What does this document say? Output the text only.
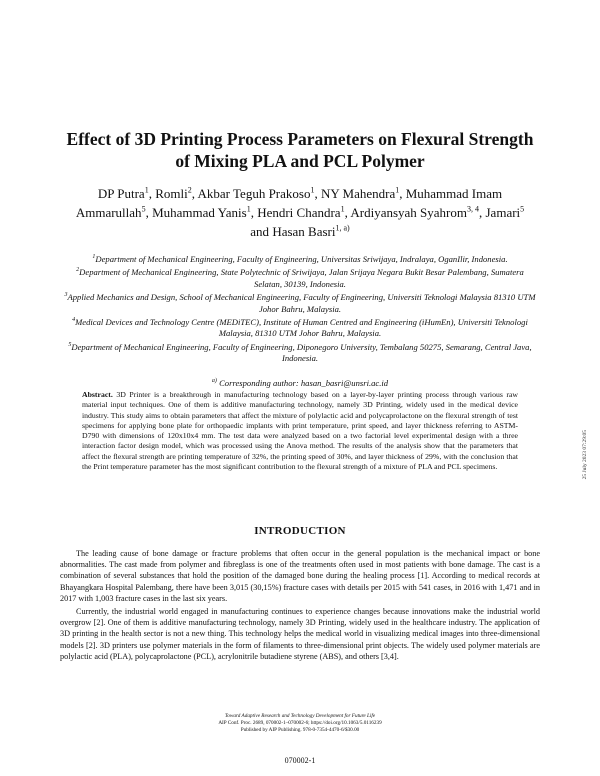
Effect of 3D Printing Process Parameters on Flexural Strength of Mixing PLA and PCL Polymer
DP Putra$^1$, Romli$^2$, Akbar Teguh Prakoso$^1$, NY Mahendra$^1$, Muhammad Imam Ammarullah$^5$, Muhammad Yanis$^1$, Hendri Chandra$^1$, Ardiyansyah Syahrom$^{3, 4}$, Jamari$^5$ and Hasan Basri$^{1, a)}$

$^1$Department of Mechanical Engineering, Faculty of Engineering, Universitas Sriwijaya, Indralaya, OganIlir, Indonesia.

$^2$Department of Mechanical Engineering, State Polytechnic of Sriwijaya, Jalan Srijaya Negara Bukit Besar Palembang, Sumatera Selatan, 30139, Indonesia.

$^3$Applied Mechanics and Design, School of Mechanical Engineering, Faculty of Engineering, Universiti Teknologi Malaysia 81310 UTM Johor Bahru, Malaysia.

$^4$Medical Devices and Technology Centre (MEDiTEC), Institute of Human Centred and Engineering (iHumEn), Universiti Teknologi Malaysia, 81310 UTM Johor Bahru, Malaysia.

$^5$Department of Mechanical Engineering, Faculty of Engineering, Diponegoro University, Tembalang 50275, Semarang, Central Java, Indonesia.

$^{a)}$ Corresponding author: hasan_basri@unsri.ac.id

Abstract. 3D Printer is a breakthrough in manufacturing technology based on a layer-by-layer printing process through various raw material input techniques. One of them is additive manufacturing technology, namely 3D Printing, widely used in the medical device industry. This study aims to obtain parameters that affect the mixture of polylactic acid and polycaprolactone on the flexural strength of test specimens for applying bone plate for orthopaedic implants with print temperature, print speed, and layer thickness referring to ASTM-D790 with dimensions of 120x10x4 mm. The test data were analyzed based on a two factorial level experimental design with a three interaction factor design model, which was processed using the Anova method. The results of the analysis show that the parameters that affect the flexural strength are printing temperature of 32%, the printing speed of 30%, and layer thickness of 29%, with the conclusion that the Print temperature parameter has the most significant contribution to the flexural strength of a mixture of PLA and PCL specimens.
INTRODUCTION

The leading cause of bone damage or fracture problems that often occur in the general population is the mechanical impact or bone abnormalities. The cast made from polymer and fibreglass is one of the treatments often used in most patients with bone damage. The cast is a combination of several substances that hold the position of the damaged bone during the healing process [1]. According to medical records at Bhayangkara Hospital Palembang, there have been 3,015 (30,15%) fracture cases with details per 2015 with 541 cases, in 2016 with 1,471 and in 2017 with 1,003 fracture cases in the last six years.

Currently, the industrial world engaged in manufacturing continues to experience changes because innovations make the industrial world overgrow [2]. One of them is additive manufacturing technology, namely 3D Printing, widely used in the healthcare industry. The application of 3D printing in the health sector is not a new thing. This technology helps the medical world in visualizing medical images into three-dimensional models [2]. 3D printers use polymer materials in the form of filaments to three-dimensional print objects. The widely used polymer materials are polylactic acid (PLA), polycaprolactone (PCL), acrylonitrile butadiene styrene (ABS), and others [3,4].

25 July 2023 07:29:05
Toward Adaptive Research and Technology Development for Future Life
AIP Conf. Proc. 2689, 070002-1–070002-6; https://doi.org/10.1063/5.0116239
Published by AIP Publishing. 978-0-7354-4470-6/$30.00
070002-1
